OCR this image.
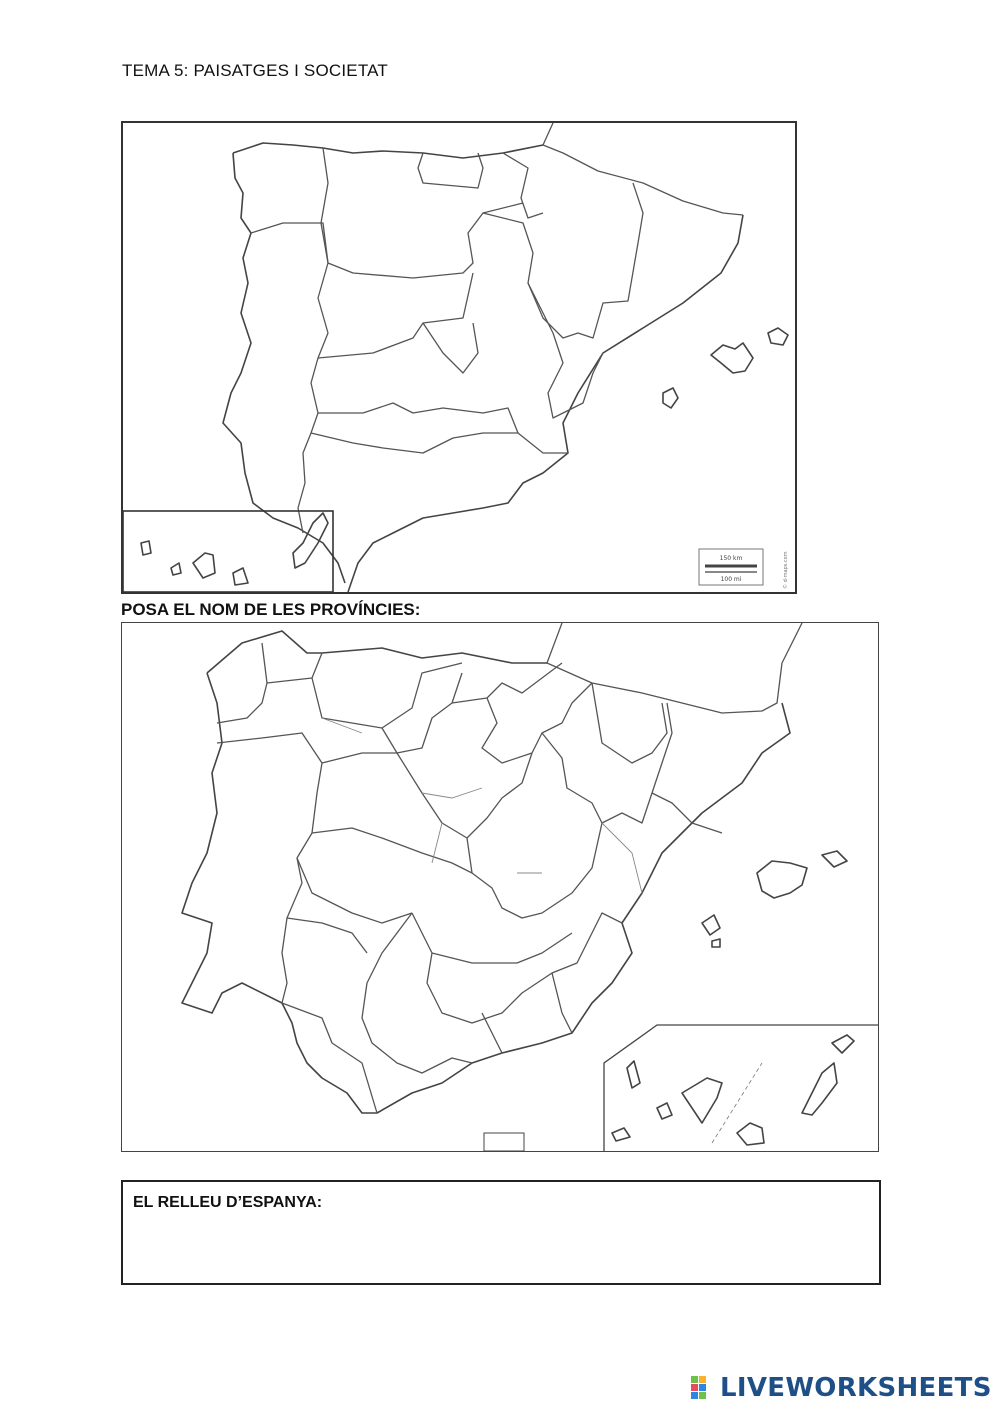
TEMA 5: PAISATGES I SOCIETAT
150 km
100 mi	© d-maps.com
POSA EL NOM DE LES PROVÍNCIES:
EL RELLEU D’ESPANYA:
LIVEWORKSHEETS
